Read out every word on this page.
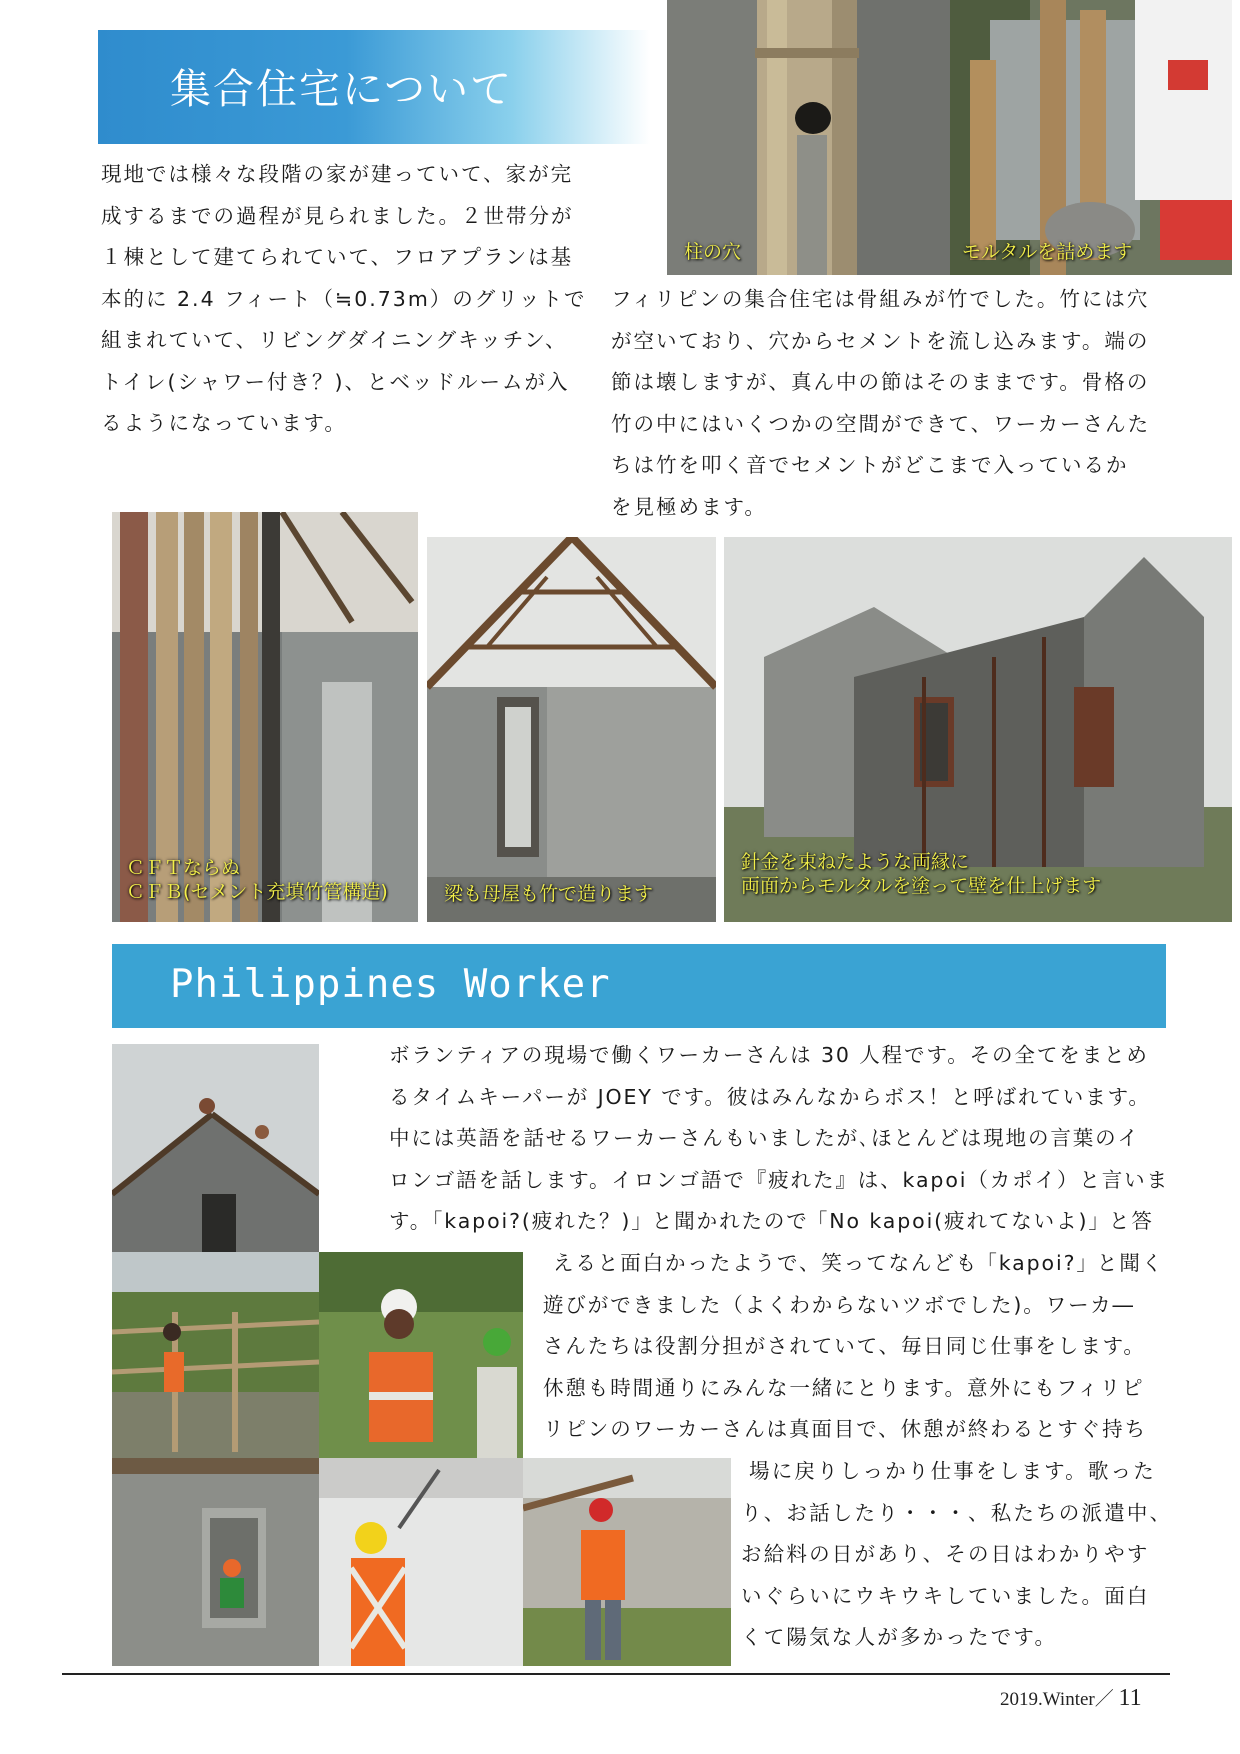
集合住宅について
現地では様々な段階の家が建っていて、家が完
成するまでの過程が見られました。２世帯分が
１棟として建てられていて、フロアプランは基
本的に 2.4 フィート（≒0.73m）のグリットで
組まれていて、リビングダイニングキッチン、
トイレ(シャワー付き？)、とベッドルームが入
るようになっています。
柱の穴	モルタルを詰めます
フィリピンの集合住宅は骨組みが竹でした。竹には穴
が空いており、穴からセメントを流し込みます。端の
節は壊しますが、真ん中の節はそのままです。骨格の
竹の中にはいくつかの空間ができて、ワーカーさんた
ちは竹を叩く音でセメントがどこまで入っているか
を見極めます。
ＣＦＴならぬ
ＣＦＢ(セメント充填竹管構造)	梁も母屋も竹で造ります
針金を束ねたような両縁に
両面からモルタルを塗って壁を仕上げます
Philippines Worker
ボランティアの現場で働くワーカーさんは 30 人程です。その全てをまとめ
るタイムキーパーが JOEY です。彼はみんなからボス！と呼ばれています。
中には英語を話せるワーカーさんもいましたが､ほとんどは現地の言葉のイ
ロンゴ語を話します。イロンゴ語で『疲れた』は、kapoi（カポイ）と言いま
す。｢kapoi?(疲れた？)｣ と聞かれたので ｢No kapoi(疲れてないよ)｣ と答
えると面白かったようで、笑ってなんども ｢kapoi?｣ と聞く
遊びができました（よくわからないツボでした)。ワーカ―
さんたちは役割分担がされていて、毎日同じ仕事をします。
休憩も時間通りにみんな一緒にとります。意外にもフィリピ
リピンのワーカーさんは真面目で、休憩が終わるとすぐ持ち
場に戻りしっかり仕事をします。歌った
り、お話したり・・・、私たちの派遣中、
お給料の日があり、その日はわかりやす
いぐらいにウキウキしていました。面白
くて陽気な人が多かったです。
2019.Winter／ 11
